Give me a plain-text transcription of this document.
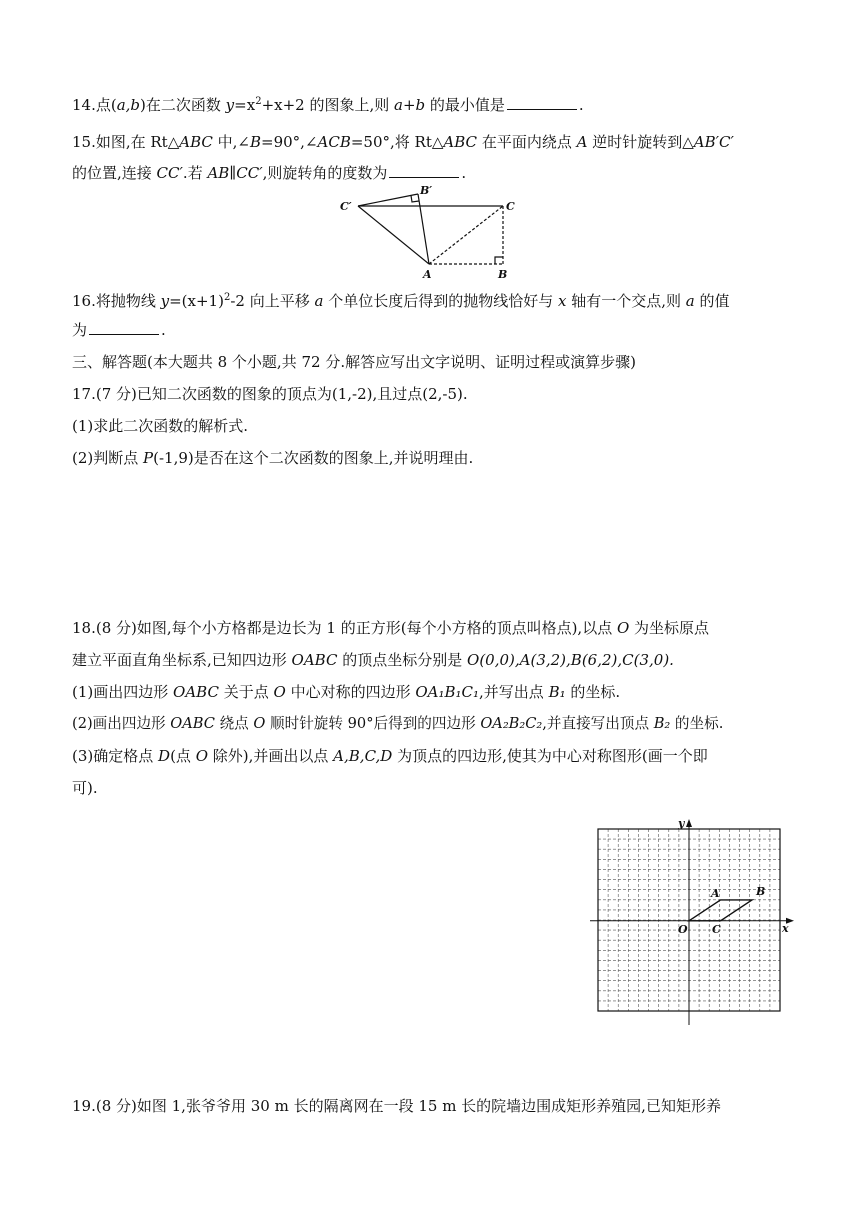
14.点(a,b)在二次函数 $y=x^2+x+2$ 的图象上,则 a+b 的最小值是	.
15.如图,在 Rt△ABC 中,∠B=90°,∠ACB=50°,将 Rt△ABC 在平面内绕点 A 逆时针旋转到△AB′C′
的位置,连接 CC′.若 AB∥CC′,则旋转角的度数为	.
C′
B′
C
A	B
16.将抛物线 $y=(x+1)^2-2$ 向上平移 a 个单位长度后得到的抛物线恰好与 x 轴有一个交点,则 a 的值
为	.
三、解答题(本大题共 8 个小题,共 72 分.解答应写出文字说明、证明过程或演算步骤)
17.(7 分)已知二次函数的图象的顶点为(1,-2),且过点(2,-5).
(1)求此二次函数的解析式.
(2)判断点 P(-1,9)是否在这个二次函数的图象上,并说明理由.
18.(8 分)如图,每个小方格都是边长为 1 的正方形(每个小方格的顶点叫格点),以点 O 为坐标原点
建立平面直角坐标系,已知四边形 OABC 的顶点坐标分别是 O(0,0),A(3,2),B(6,2),C(3,0).
(1)画出四边形 OABC 关于点 O 中心对称的四边形 OA₁B₁C₁,并写出点 B₁ 的坐标.
(2)画出四边形 OABC 绕点 O 顺时针旋转 90°后得到的四边形 OA₂B₂C₂,并直接写出顶点 B₂ 的坐标.
(3)确定格点 D(点 O 除外),并画出以点 A,B,C,D 为顶点的四边形,使其为中心对称图形(画一个即
可).
y
x
O
A	B
C
19.(8 分)如图 1,张爷爷用 30 m 长的隔离网在一段 15 m 长的院墙边围成矩形养殖园,已知矩形养
